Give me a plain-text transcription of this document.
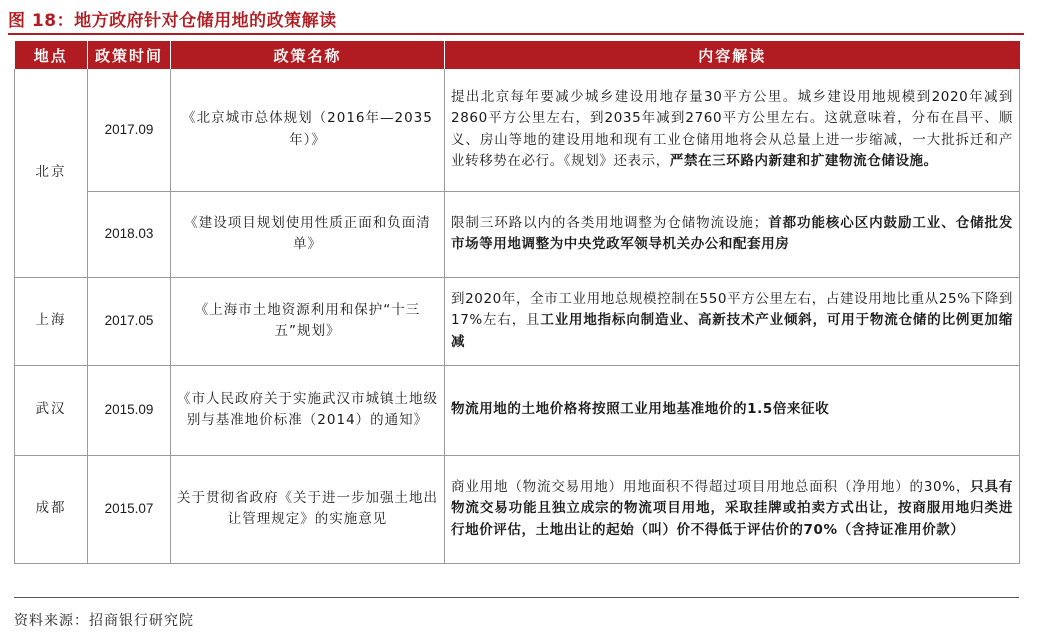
图 18：地方政府针对仓储用地的政策解读
地点	政策时间	政策名称	内容解读
北京	2017.09	《北京城市总体规划（2016年—2035年）》	提出北京每年要减少城乡建设用地存量30平方公里。城乡建设用地规模到2020年减到2860平方公里左右，到2035年减到2760平方公里左右。这就意味着，分布在昌平、顺义、房山等地的建设用地和现有工业仓储用地将会从总量上进一步缩减，一大批拆迁和产业转移势在必行。《规划》还表示，严禁在三环路内新建和扩建物流仓储设施。
	2018.03	《建设项目规划使用性质正面和负面清单》	限制三环路以内的各类用地调整为仓储物流设施；首都功能核心区内鼓励工业、仓储批发市场等用地调整为中央党政军领导机关办公和配套用房
上海	2017.05	《上海市土地资源利用和保护“十三五”规划》	到2020年，全市工业用地总规模控制在550平方公里左右，占建设用地比重从25%下降到17%左右，且工业用地指标向制造业、高新技术产业倾斜，可用于物流仓储的比例更加缩减
武汉	2015.09	《市人民政府关于实施武汉市城镇土地级别与基准地价标准（2014）的通知》	物流用地的土地价格将按照工业用地基准地价的1.5倍来征收
成都	2015.07	关于贯彻省政府《关于进一步加强土地出让管理规定》的实施意见	商业用地（物流交易用地）用地面积不得超过项目用地总面积（净用地）的30%，只具有物流交易功能且独立成宗的物流项目用地，采取挂牌或拍卖方式出让，按商服用地归类进行地价评估，土地出让的起始（叫）价不得低于评估价的70%（含持证准用价款）
资料来源：招商银行研究院
